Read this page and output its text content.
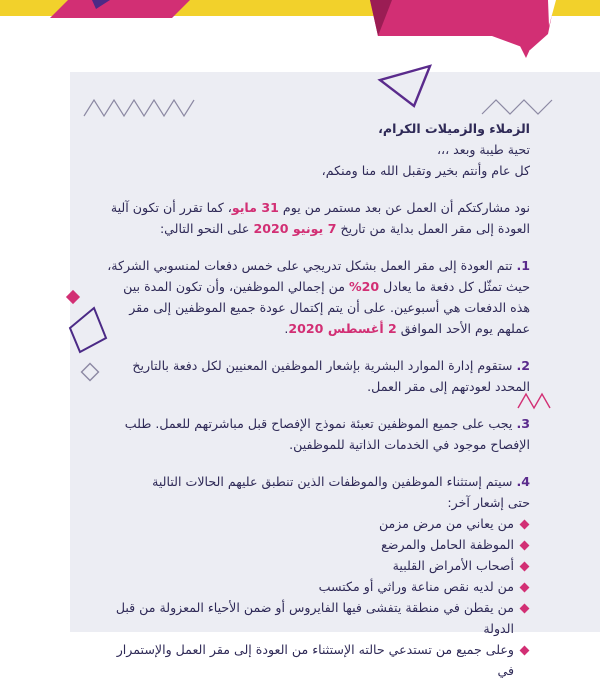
الزملاء والزميلات الكرام،

تحية طيبة وبعد ،،،

كل عام وأنتم بخير وتقبل الله منا ومنكم،

نود مشاركتكم أن العمل عن بعد مستمر من يوم 31 مايو، كما تقرر أن تكون آلية العودة إلى مقر العمل بداية من تاريخ 7 يونيو 2020 على النحو التالي:

1.تتم العودة إلى مقر العمل بشكل تدريجي على خمس دفعات لمنسوبي الشركة، حيث تمثّل كل دفعة ما يعادل 20% من إجمالي الموظفين، وأن تكون المدة بين هذه الدفعات هي أسبوعين. على أن يتم إكتمال عودة جميع الموظفين إلى مقر عملهم يوم الأحد الموافق 2 أغسطس 2020.

2.ستقوم إدارة الموارد البشرية بإشعار الموظفين المعنيين لكل دفعة بالتاريخ المحدد لعودتهم إلى مقر العمل.

3.يجب على جميع الموظفين تعبئة نموذج الإفصاح قبل مباشرتهم للعمل. طلب الإفصاح موجود في الخدمات الذاتية للموظفين.

4.سيتم إستثناء الموظفين والموظفات الذين تنطبق عليهم الحالات التالية

حتى إشعار آخر:

من يعاني من مرض مزمن
الموظفة الحامل والمرضع
أصحاب الأمراض القلبية
من لديه نقص مناعة وراثي أو مكتسب
من يقطن في منطقة يتفشى فيها الفايروس أو ضمن الأحياء المعزولة من قبل الدولة
وعلى جميع من تستدعي حالته الإستثناء من العودة إلى مقر العمل والإستمرار في
